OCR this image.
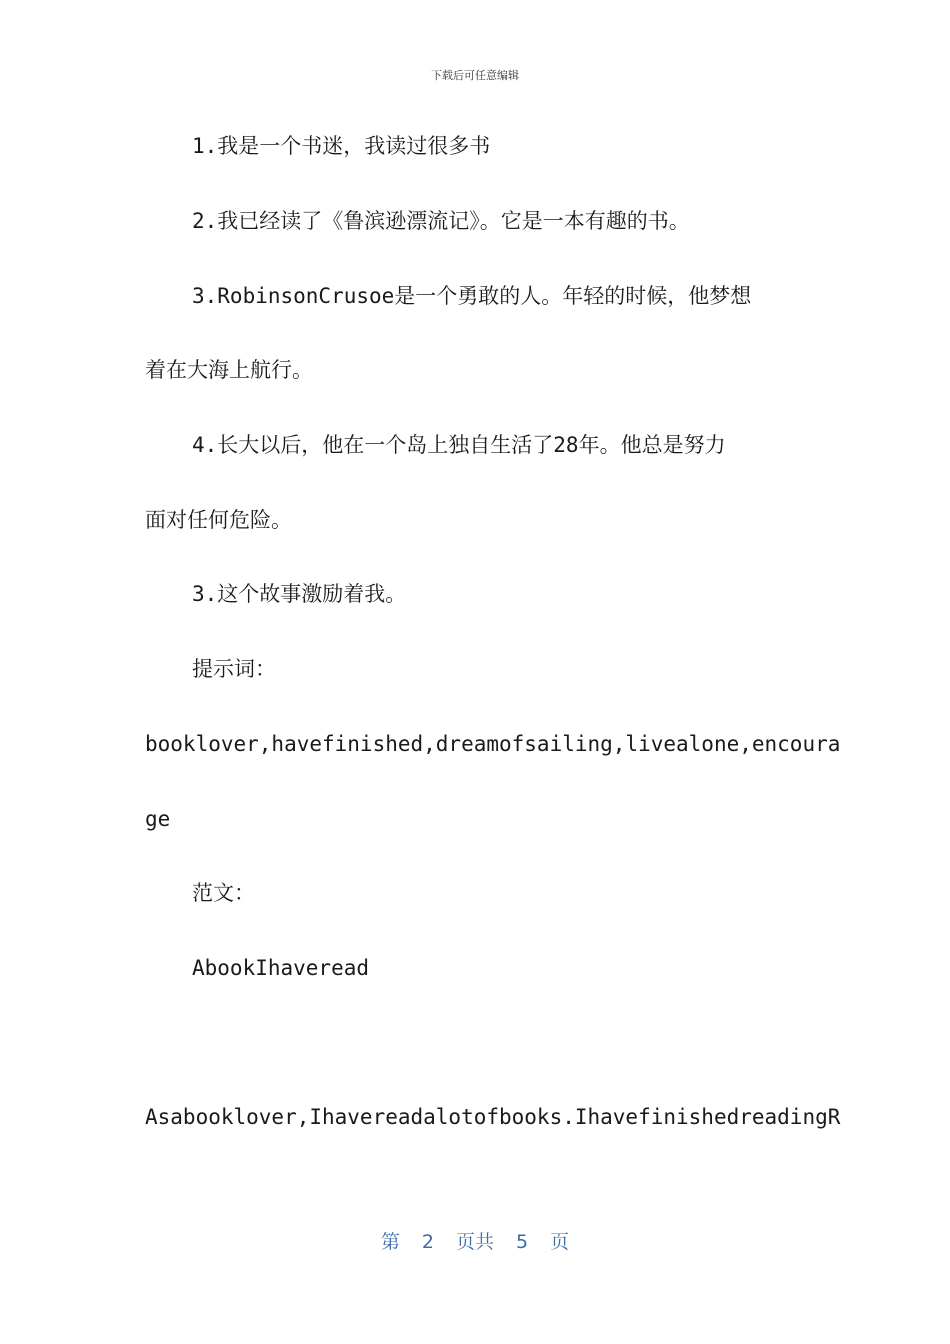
下载后可任意编辑
1.我是一个书迷，我读过很多书
2.我已经读了《鲁滨逊漂流记》。它是一本有趣的书。
3.RobinsonCrusoe是一个勇敢的人。年轻的时候，他梦想
着在大海上航行。
4.长大以后，他在一个岛上独自生活了28年。他总是努力
面对任何危险。
3.这个故事激励着我。
提示词：
booklover,havefinished,dreamofsailing,livealone,encoura
ge
范文：
AbookIhaveread
Asabooklover,Ihavereadalotofbooks.IhavefinishedreadingR
第 2 页共 5 页
